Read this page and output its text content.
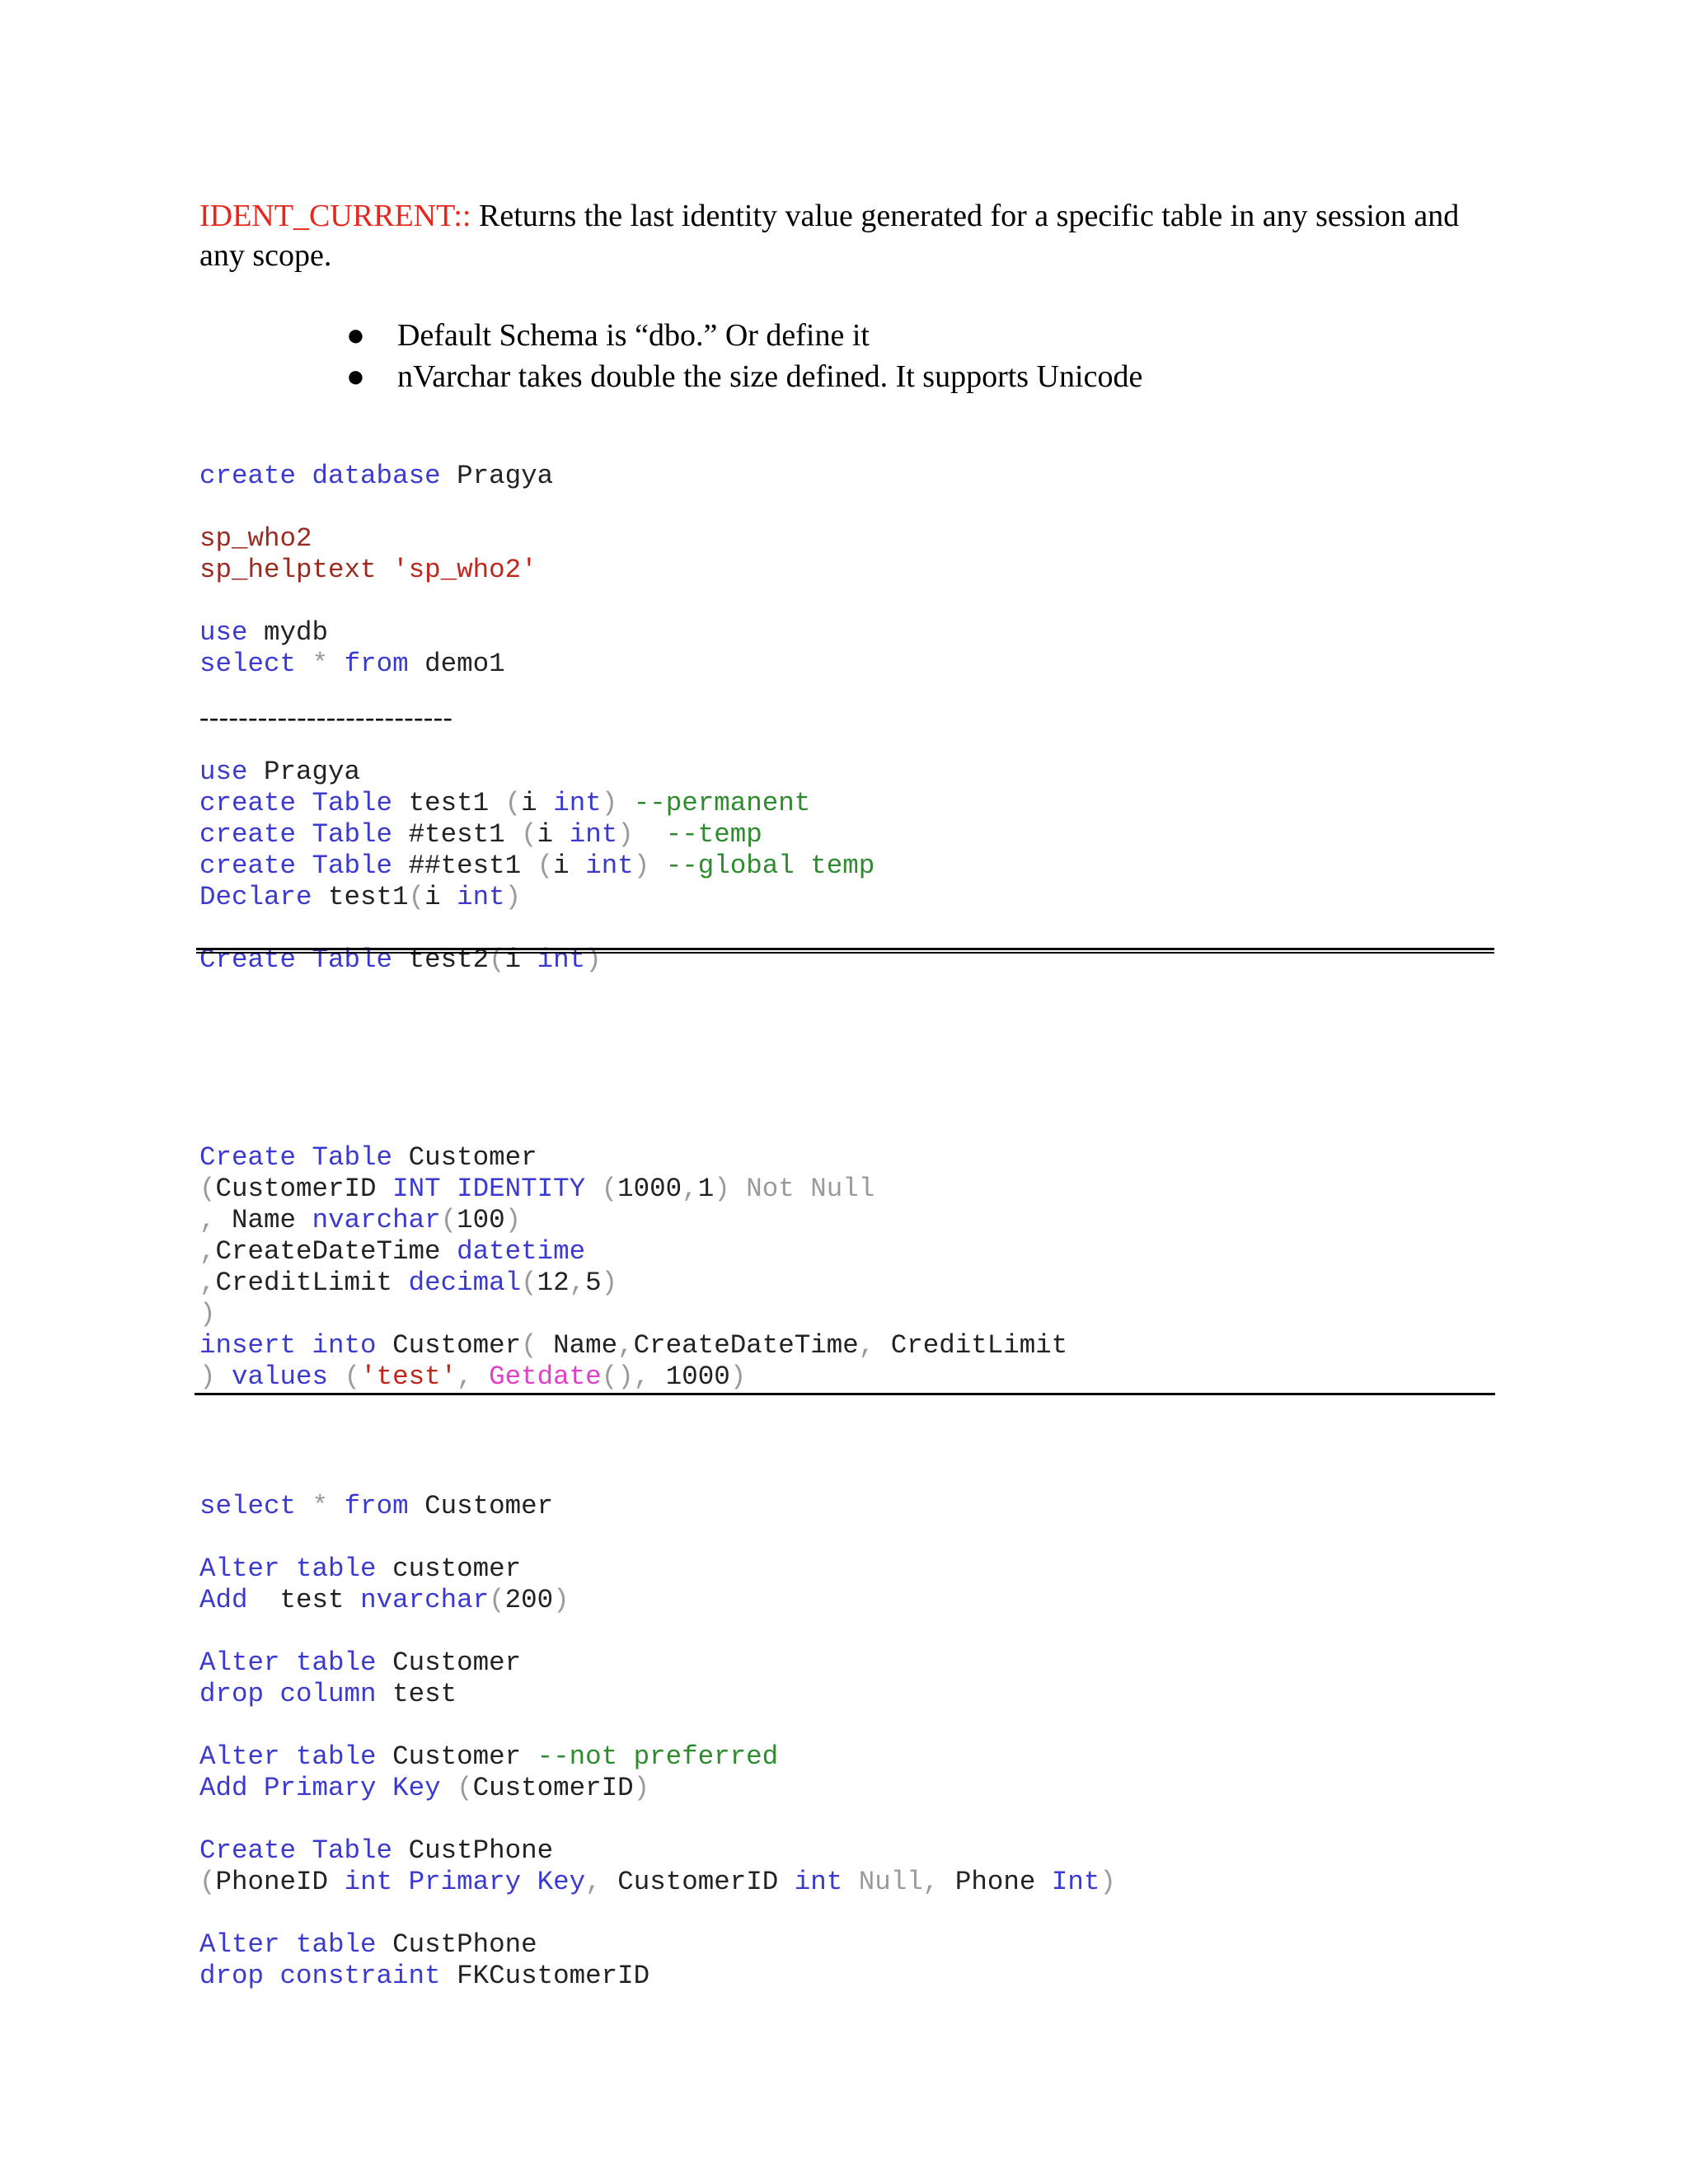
IDENT_CURRENT:: Returns the last identity value generated for a specific table in any session and any scope.
● Default Schema is “dbo.” Or define it
● nVarchar takes double the size defined. It supports Unicode

create database Pragya
sp_who2
sp_helptext 'sp_who2'
use mydb
select * from demo1
--------------------------

use Pragya
create Table test1 (i int) --permanent
create Table #test1 (i int) --temp
create Table ##test1 (i int) --global temp
Declare test1(i int)
Create Table test2(i int)

Create Table Customer
(CustomerID INT IDENTITY (1000,1) Not Null
, Name nvarchar(100)
,CreateDateTime datetime
,CreditLimit decimal(12,5)
)
insert into Customer( Name,CreateDateTime, CreditLimit
) values ('test', Getdate(), 1000)

select * from Customer
Alter table customer
Add test nvarchar(200)
Alter table Customer
drop column test
Alter table Customer --not preferred
Add Primary Key (CustomerID)
Create Table CustPhone
(PhoneID int Primary Key, CustomerID int Null, Phone Int)
Alter table CustPhone
drop constraint FKCustomerID
